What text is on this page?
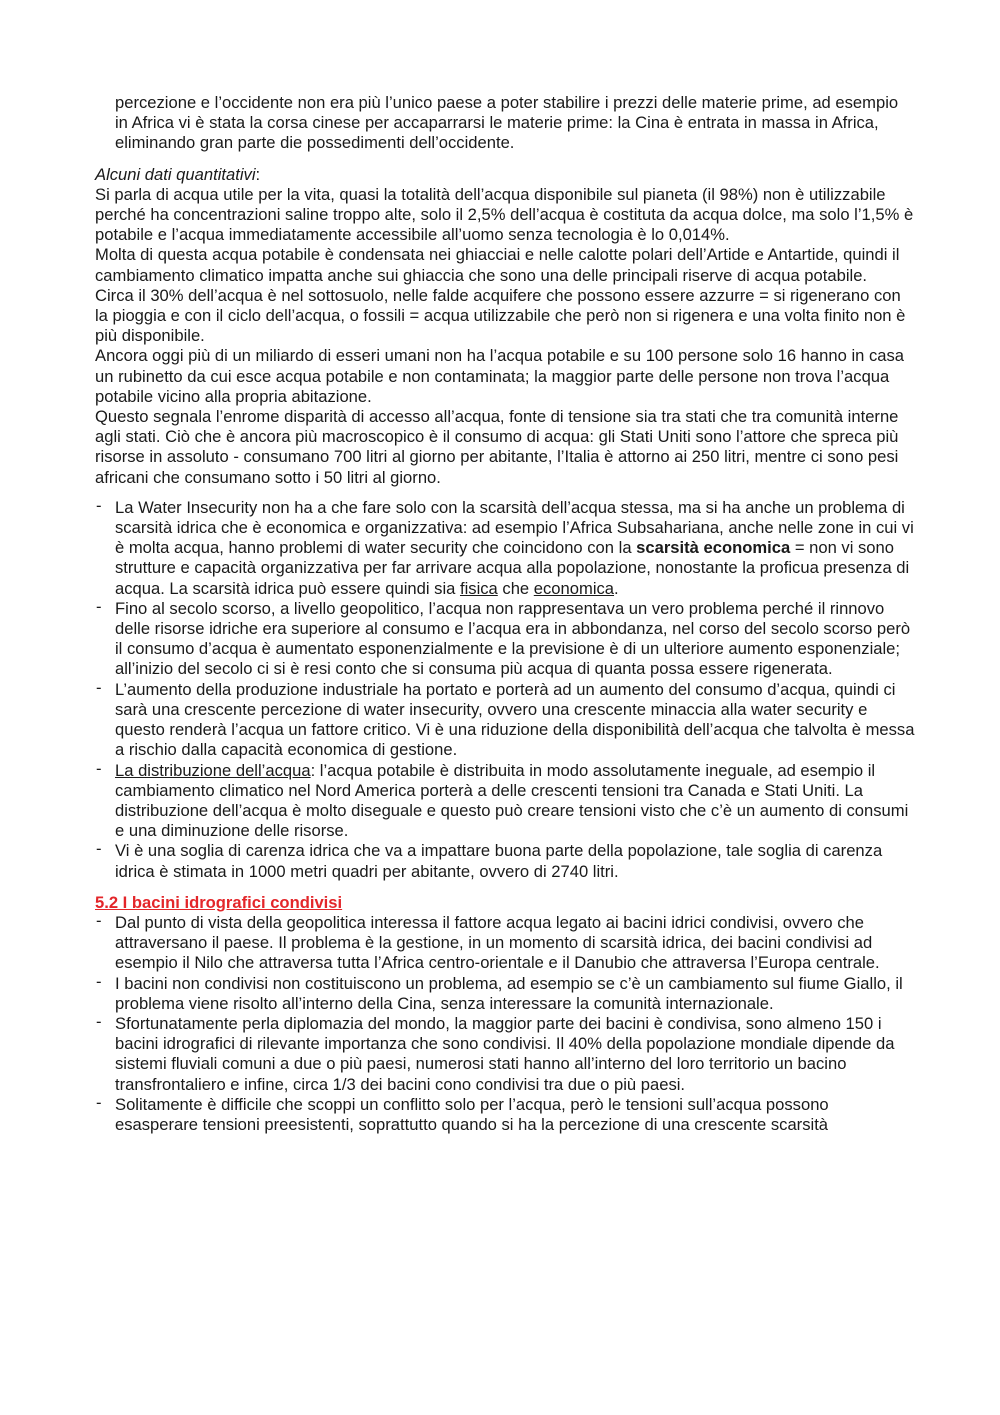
percezione e l’occidente non era più l’unico paese a poter stabilire i prezzi delle materie prime, ad esempio in Africa vi è stata la corsa cinese per accaparrarsi le materie prime: la Cina è entrata in massa in Africa, eliminando gran parte die possedimenti dell’occidente.

Alcuni dati quantitativi:

Si parla di acqua utile per la vita, quasi la totalità dell’acqua disponibile sul pianeta (il 98%) non è utilizzabile perché ha concentrazioni saline troppo alte, solo il 2,5% dell’acqua è costituta da acqua dolce, ma solo l’1,5% è potabile e l’acqua immediatamente accessibile all’uomo senza tecnologia è lo 0,014%.

Molta di questa acqua potabile è condensata nei ghiacciai e nelle calotte polari dell’Artide e Antartide, quindi il cambiamento climatico impatta anche sui ghiaccia che sono una delle principali riserve di acqua potabile.

Circa il 30% dell’acqua è nel sottosuolo, nelle falde acquifere che possono essere azzurre = si rigenerano con la pioggia e con il ciclo dell’acqua, o fossili = acqua utilizzabile che però non si rigenera e una volta finito non è più disponibile.

Ancora oggi più di un miliardo di esseri umani non ha l’acqua potabile e su 100 persone solo 16 hanno in casa un rubinetto da cui esce acqua potabile e non contaminata; la maggior parte delle persone non trova l’acqua potabile vicino alla propria abitazione.

Questo segnala l’enrome disparità di accesso all’acqua, fonte di tensione sia tra stati che tra comunità interne agli stati. Ciò che è ancora più macroscopico è il consumo di acqua: gli Stati Uniti sono l’attore che spreca più risorse in assoluto - consumano 700 litri al giorno per abitante, l’Italia è attorno ai 250 litri, mentre ci sono pesi africani che consumano sotto i 50 litri al giorno.

- La Water Insecurity non ha a che fare solo con la scarsità dell’acqua stessa, ma si ha anche un problema di scarsità idrica che è economica e organizzativa: ad esempio l’Africa Subsahariana, anche nelle zone in cui vi è molta acqua, hanno problemi di water security che coincidono con la scarsità economica = non vi sono strutture e capacità organizzativa per far arrivare acqua alla popolazione, nonostante la proficua presenza di acqua. La scarsità idrica può essere quindi sia fisica che economica.
- Fino al secolo scorso, a livello geopolitico, l’acqua non rappresentava un vero problema perché il rinnovo delle risorse idriche era superiore al consumo e l’acqua era in abbondanza, nel corso del secolo scorso però il consumo d’acqua è aumentato esponenzialmente e la previsione è di un ulteriore aumento esponenziale; all’inizio del secolo ci si è resi conto che si consuma più acqua di quanta possa essere rigenerata.
- L’aumento della produzione industriale ha portato e porterà ad un aumento del consumo d’acqua, quindi ci sarà una crescente percezione di water insecurity, ovvero una crescente minaccia alla water security e questo renderà l’acqua un fattore critico. Vi è una riduzione della disponibilità dell’acqua che talvolta è messa a rischio dalla capacità economica di gestione.
- La distribuzione dell’acqua: l’acqua potabile è distribuita in modo assolutamente ineguale, ad esempio il cambiamento climatico nel Nord America porterà a delle crescenti tensioni tra Canada e Stati Uniti. La distribuzione dell’acqua è molto diseguale e questo può creare tensioni visto che c’è un aumento di consumi e una diminuzione delle risorse.
- Vi è una soglia di carenza idrica che va a impattare buona parte della popolazione, tale soglia di carenza idrica è stimata in 1000 metri quadri per abitante, ovvero di 2740 litri.

5.2 I bacini idrografici condivisi

- Dal punto di vista della geopolitica interessa il fattore acqua legato ai bacini idrici condivisi, ovvero che attraversano il paese. Il problema è la gestione, in un momento di scarsità idrica, dei bacini condivisi ad esempio il Nilo che attraversa tutta l’Africa centro-orientale e il Danubio che attraversa l’Europa centrale.
- I bacini non condivisi non costituiscono un problema, ad esempio se c’è un cambiamento sul fiume Giallo, il problema viene risolto all’interno della Cina, senza interessare la comunità internazionale.
- Sfortunatamente perla diplomazia del mondo, la maggior parte dei bacini è condivisa, sono almeno 150 i bacini idrografici di rilevante importanza che sono condivisi. Il 40% della popolazione mondiale dipende da sistemi fluviali comuni a due o più paesi, numerosi stati hanno all’interno del loro territorio un bacino transfrontaliero e infine, circa 1/3 dei bacini cono condivisi tra due o più paesi.
- Solitamente è difficile che scoppi un conflitto solo per l’acqua, però le tensioni sull’acqua possono esasperare tensioni preesistenti, soprattutto quando si ha la percezione di una crescente scarsità
